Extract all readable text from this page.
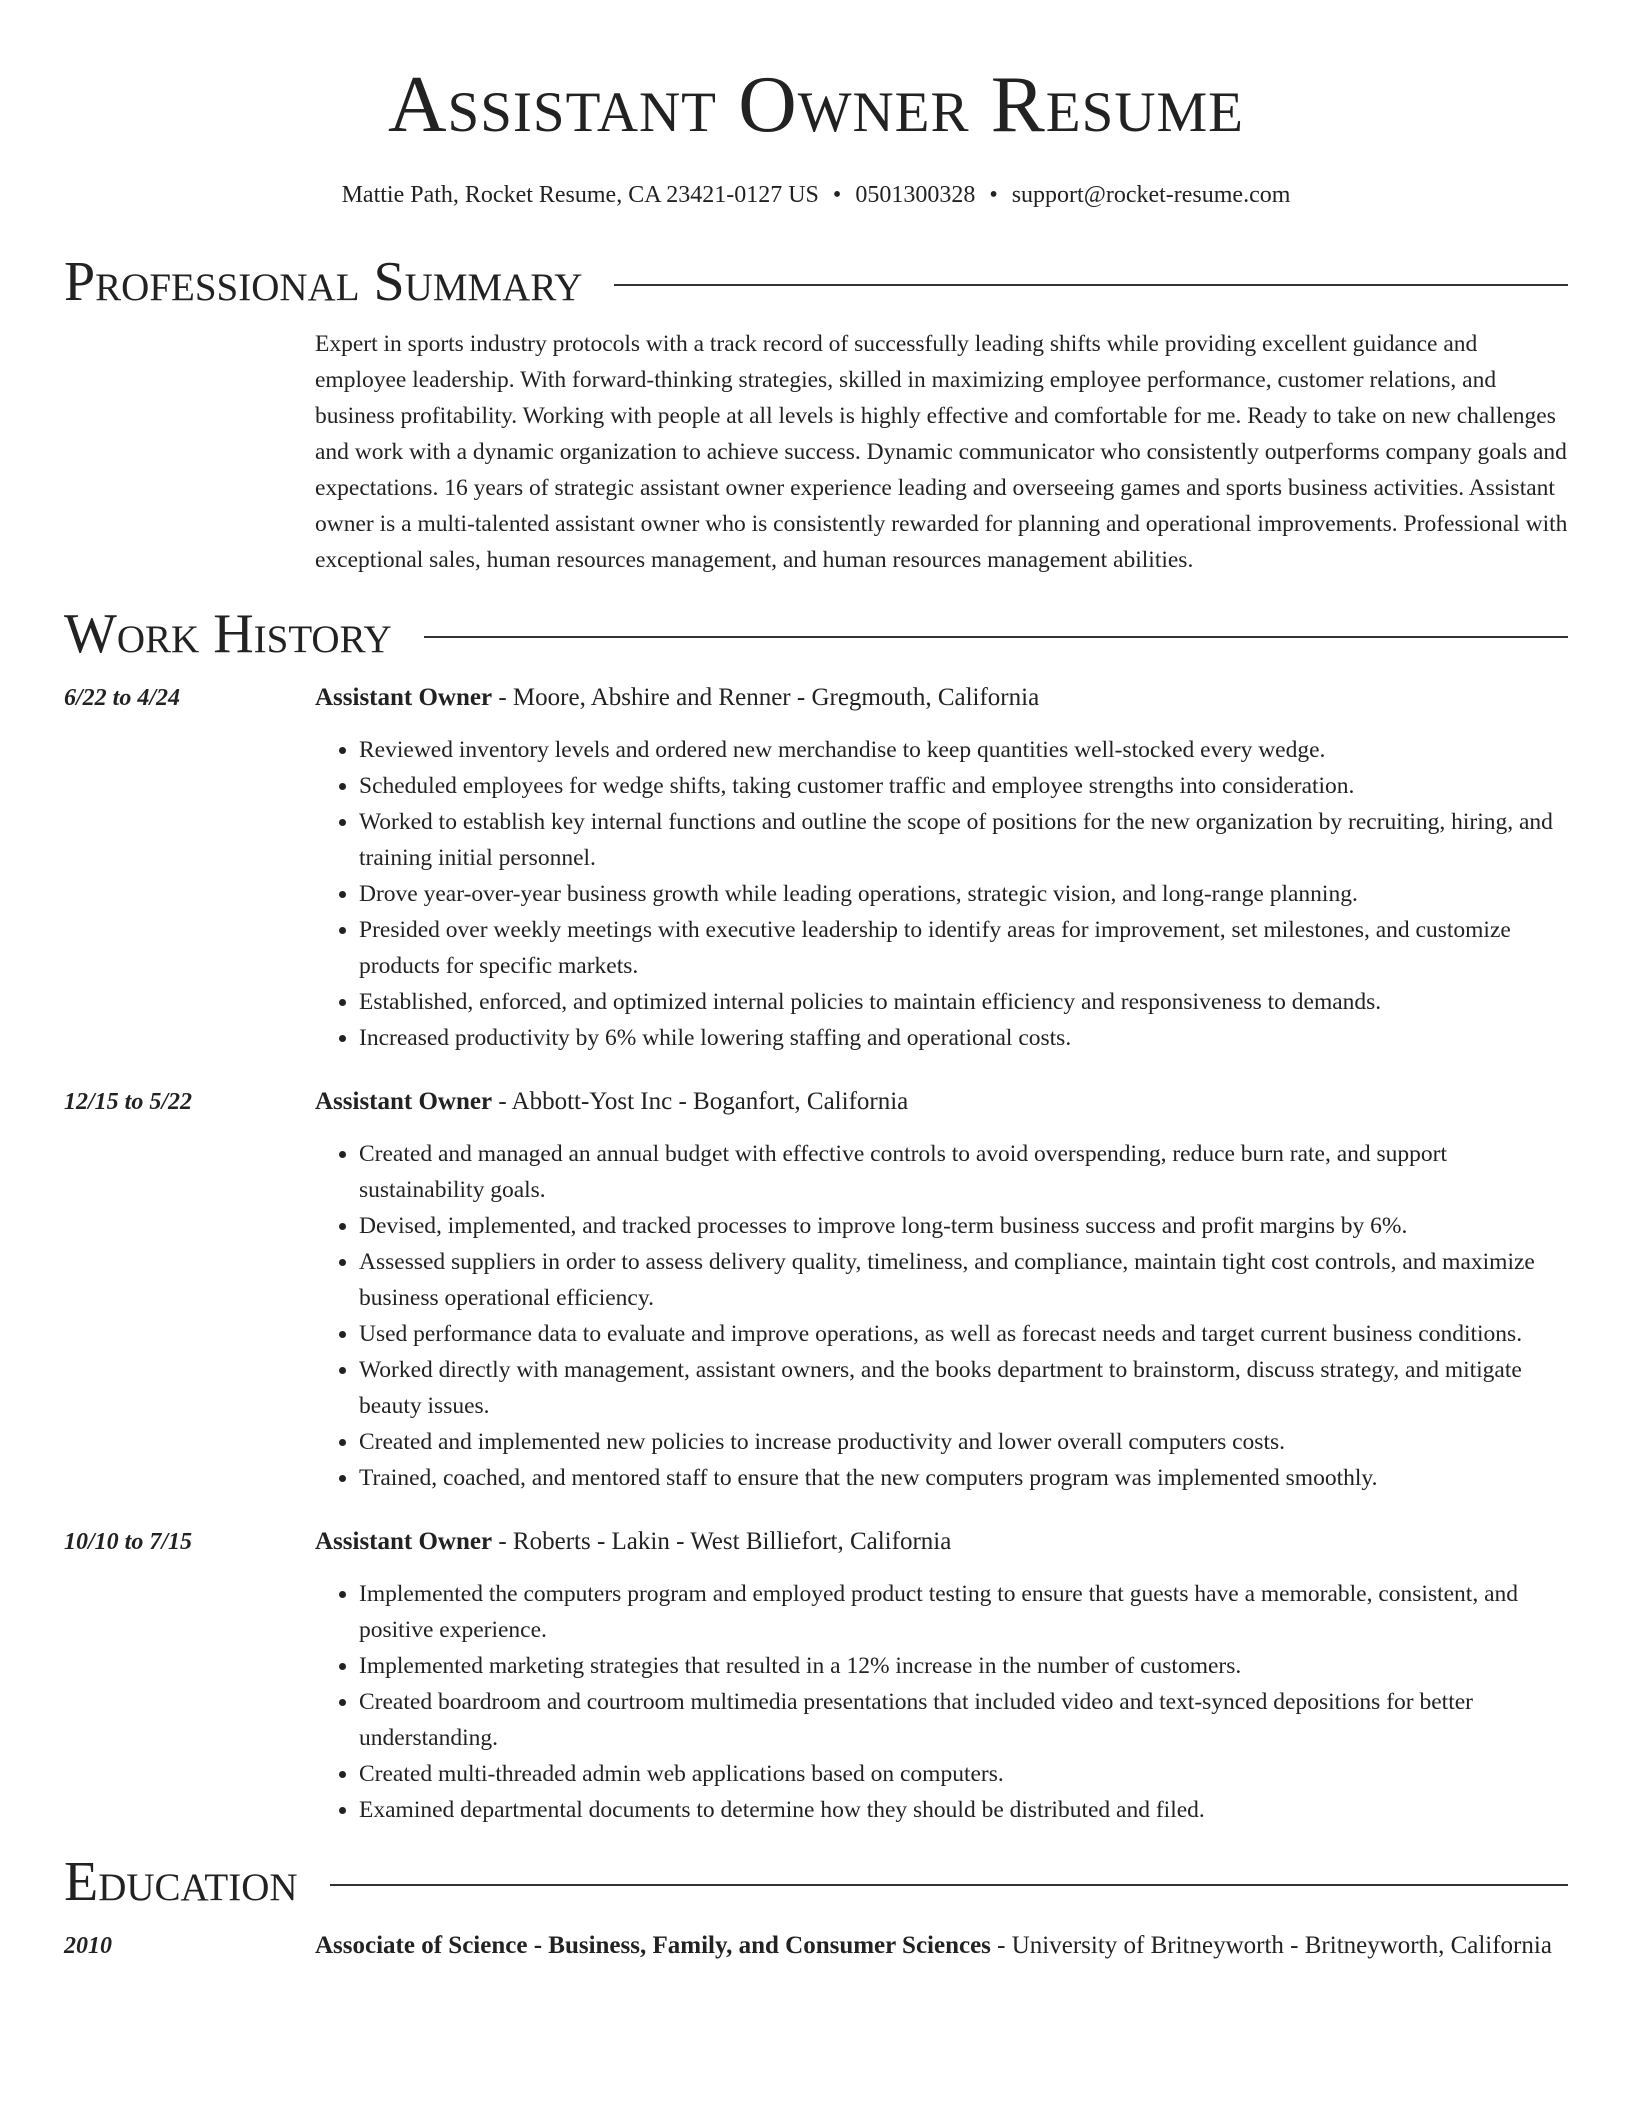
Assistant Owner Resume
Mattie Path, Rocket Resume, CA 23421-0127 US • 0501300328 • support@rocket-resume.com
Professional Summary
Expert in sports industry protocols with a track record of successfully leading shifts while providing excellent guidance and employee leadership. With forward-thinking strategies, skilled in maximizing employee performance, customer relations, and business profitability. Working with people at all levels is highly effective and comfortable for me. Ready to take on new challenges and work with a dynamic organization to achieve success. Dynamic communicator who consistently outperforms company goals and expectations. 16 years of strategic assistant owner experience leading and overseeing games and sports business activities. Assistant owner is a multi-talented assistant owner who is consistently rewarded for planning and operational improvements. Professional with exceptional sales, human resources management, and human resources management abilities.
Work History
6/22 to 4/24	Assistant Owner - Moore, Abshire and Renner - Gregmouth, California
• Reviewed inventory levels and ordered new merchandise to keep quantities well-stocked every wedge.
• Scheduled employees for wedge shifts, taking customer traffic and employee strengths into consideration.
• Worked to establish key internal functions and outline the scope of positions for the new organization by recruiting, hiring, and training initial personnel.
• Drove year-over-year business growth while leading operations, strategic vision, and long-range planning.
• Presided over weekly meetings with executive leadership to identify areas for improvement, set milestones, and customize products for specific markets.
• Established, enforced, and optimized internal policies to maintain efficiency and responsiveness to demands.
• Increased productivity by 6% while lowering staffing and operational costs.
12/15 to 5/22	Assistant Owner - Abbott-Yost Inc - Boganfort, California
• Created and managed an annual budget with effective controls to avoid overspending, reduce burn rate, and support sustainability goals.
• Devised, implemented, and tracked processes to improve long-term business success and profit margins by 6%.
• Assessed suppliers in order to assess delivery quality, timeliness, and compliance, maintain tight cost controls, and maximize business operational efficiency.
• Used performance data to evaluate and improve operations, as well as forecast needs and target current business conditions.
• Worked directly with management, assistant owners, and the books department to brainstorm, discuss strategy, and mitigate beauty issues.
• Created and implemented new policies to increase productivity and lower overall computers costs.
• Trained, coached, and mentored staff to ensure that the new computers program was implemented smoothly.
10/10 to 7/15	Assistant Owner - Roberts - Lakin - West Billiefort, California
• Implemented the computers program and employed product testing to ensure that guests have a memorable, consistent, and positive experience.
• Implemented marketing strategies that resulted in a 12% increase in the number of customers.
• Created boardroom and courtroom multimedia presentations that included video and text-synced depositions for better understanding.
• Created multi-threaded admin web applications based on computers.
• Examined departmental documents to determine how they should be distributed and filed.
Education
2010	Associate of Science - Business, Family, and Consumer Sciences - University of Britneyworth - Britneyworth, California
